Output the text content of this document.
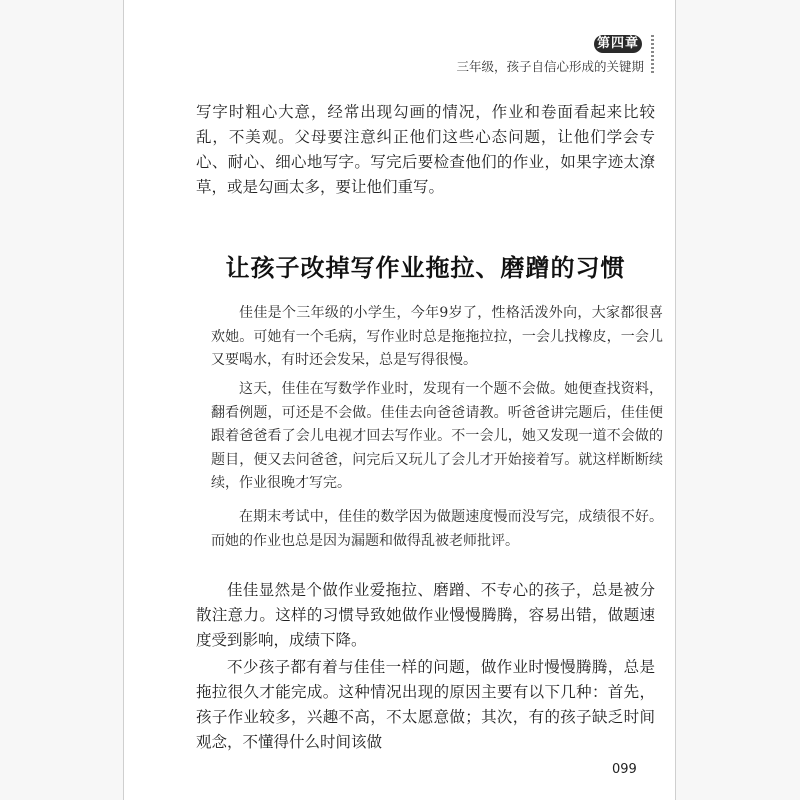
第四章
三年级，孩子自信心形成的关键期

写字时粗心大意，经常出现勾画的情况，作业和卷面看起来比较乱，不美观。父母要注意纠正他们这些心态问题，让他们学会专心、耐心、细心地写字。写完后要检查他们的作业，如果字迹太潦草，或是勾画太多，要让他们重写。

让孩子改掉写作业拖拉、磨蹭的习惯

佳佳是个三年级的小学生，今年9岁了，性格活泼外向，大家都很喜欢她。可她有一个毛病，写作业时总是拖拖拉拉，一会儿找橡皮，一会儿又要喝水，有时还会发呆，总是写得很慢。

这天，佳佳在写数学作业时，发现有一个题不会做。她便查找资料，翻看例题，可还是不会做。佳佳去向爸爸请教。听爸爸讲完题后，佳佳便跟着爸爸看了会儿电视才回去写作业。不一会儿，她又发现一道不会做的题目，便又去问爸爸，问完后又玩儿了会儿才开始接着写。就这样断断续续，作业很晚才写完。

在期末考试中，佳佳的数学因为做题速度慢而没写完，成绩很不好。而她的作业也总是因为漏题和做得乱被老师批评。

佳佳显然是个做作业爱拖拉、磨蹭、不专心的孩子，总是被分散注意力。这样的习惯导致她做作业慢慢腾腾，容易出错，做题速度受到影响，成绩下降。

不少孩子都有着与佳佳一样的问题，做作业时慢慢腾腾，总是拖拉很久才能完成。这种情况出现的原因主要有以下几种：首先，孩子作业较多，兴趣不高，不太愿意做；其次，有的孩子缺乏时间观念，不懂得什么时间该做

099
